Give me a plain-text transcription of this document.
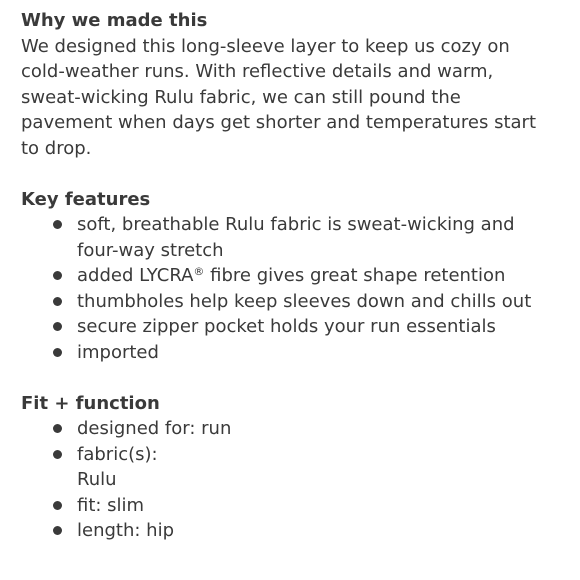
Why we made this

We designed this long-sleeve layer to keep us cozy on cold-weather runs. With reflective details and warm, sweat-wicking Rulu fabric, we can still pound the pavement when days get shorter and temperatures start to drop.

Key features
soft, breathable Rulu fabric is sweat-wicking and four-way stretch
added LYCRA® fibre gives great shape retention
thumbholes help keep sleeves down and chills out
secure zipper pocket holds your run essentials
imported
Fit + function
designed for: run
fabric(s):
Rulu
fit: slim
length: hip
